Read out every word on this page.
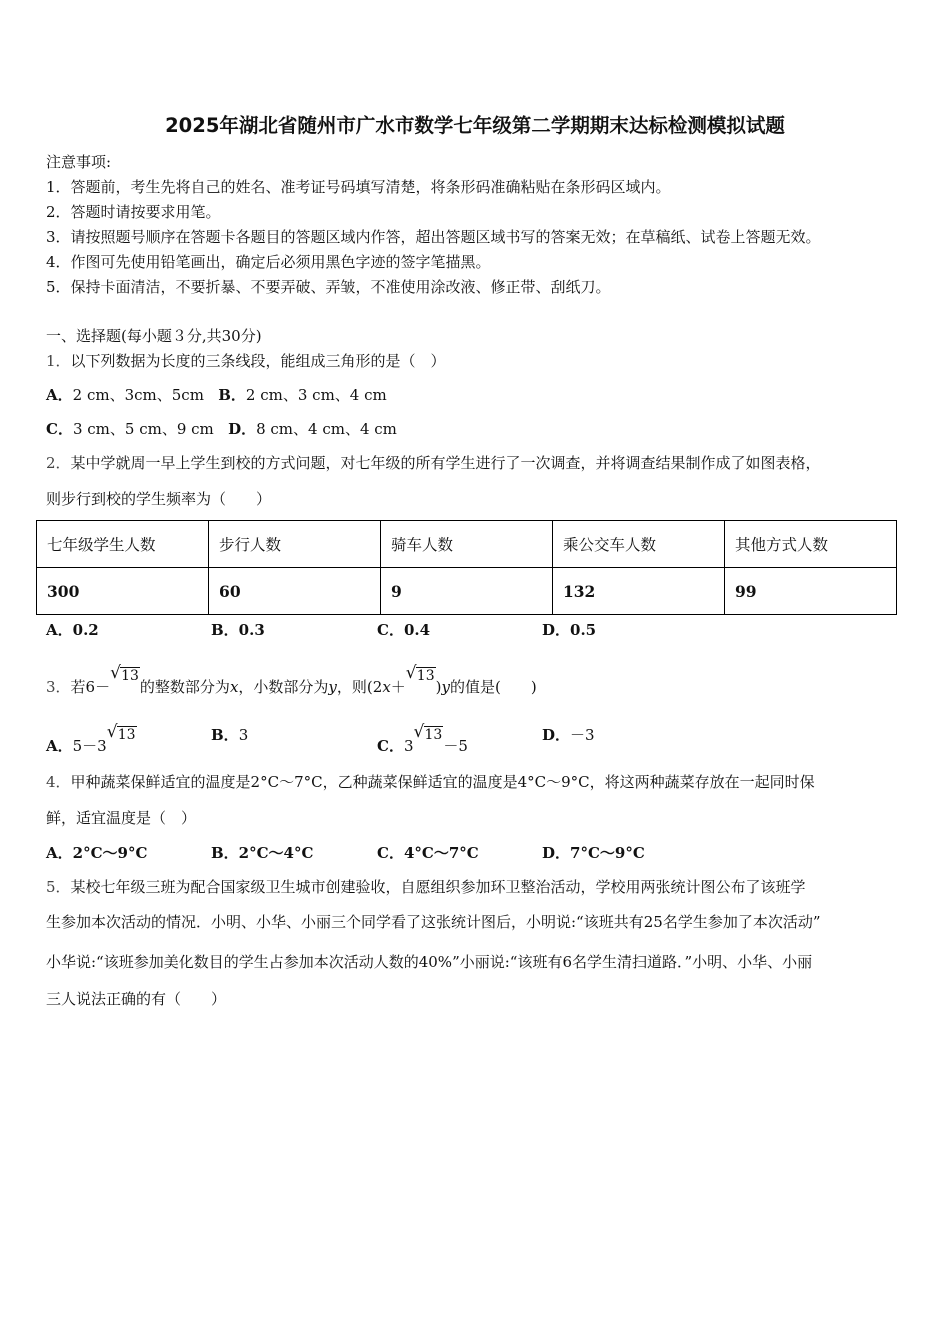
2025年湖北省随州市广水市数学七年级第二学期期末达标检测模拟试题
注意事项:
1．答题前，考生先将自己的姓名、准考证号码填写清楚，将条形码准确粘贴在条形码区域内。
2．答题时请按要求用笔。
3．请按照题号顺序在答题卡各题目的答题区域内作答，超出答题区域书写的答案无效；在草稿纸、试卷上答题无效。
4．作图可先使用铅笔画出，确定后必须用黑色字迹的签字笔描黑。
5．保持卡面清洁，不要折暴、不要弄破、弄皱，不准使用涂改液、修正带、刮纸刀。
一、选择题(每小题３分,共30分)
1．以下列数据为长度的三条线段，能组成三角形的是（　）
A．2 cm、3cm、5cm B．2 cm、3 cm、4 cm
C．3 cm、5 cm、9 cm D．8 cm、4 cm、4 cm
2．某中学就周一早上学生到校的方式问题，对七年级的所有学生进行了一次调查，并将调查结果制作成了如图表格，
则步行到校的学生频率为（　　）
七年级学生人数	步行人数	骑车人数	乘公交车人数	其他方式人数
300	60	9	132	99
A．0.2	B．0.3	C．0.4	D．0.5
3．若6－
√ 13的整数部分为x，小数部分为y，则(2x＋
√ 13)y的值是(　　)
A．5－3
√ 13	B．3
C．3
√ 13－5
D．－3
4．甲种蔬菜保鲜适宜的温度是2°C～7°C，乙种蔬菜保鲜适宜的温度是4°C～9°C，将这两种蔬菜存放在一起同时保
鲜，适宜温度是（　）
A．2°C～9°C	B．2°C～4°C	C．4°C～7°C	D．7°C～9°C
5．某校七年级三班为配合国家级卫生城市创建验收，自愿组织参加环卫整治活动，学校用两张统计图公布了该班学
生参加本次活动的情况．小明、小华、小丽三个同学看了这张统计图后，小明说:“该班共有25名学生参加了本次活动”
小华说:“该班参加美化数目的学生占参加本次活动人数的40%”小丽说:“该班有6名学生清扫道路．”小明、小华、小丽
三人说法正确的有（　　）
